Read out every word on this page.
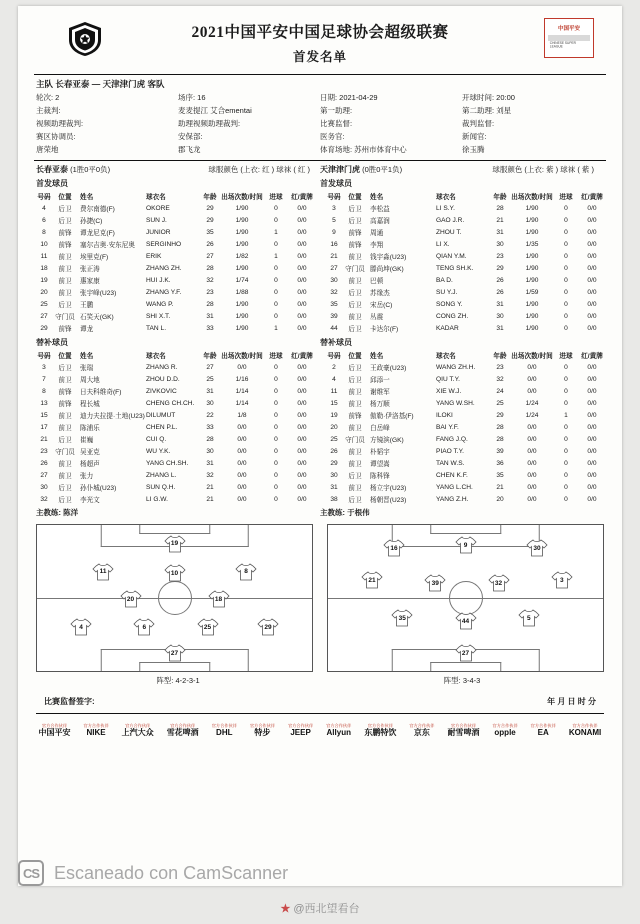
中国平安
CHINESE SUPER LEAGUE
2021中国平安中国足球协会超级联赛
首发名单
主队 长春亚泰 — 天津津门虎 客队
轮次: 2	场序: 16	日期: 2021-04-29	开球时间: 20:00
主裁判:	麦麦提江 艾合ementai	第一助理:	第二助理: 刘星
视频助理裁判:	助理视频助理裁判:	比赛监督:	裁判监督:
赛区协调员:	安保部:	医务官:	新闻官:
唐荣地	郡飞龙	体育场地: 苏州市体育中心	徐玉腾
长春亚泰 (1胜0平0负)	球服颜色 (上衣: 红 ) 球袜 ( 红 ) 天津津门虎 (0胜0平1负)	球服颜色 (上衣: 紫 ) 球袜 ( 紫 )
首发球员	首发球员
号码	位置	姓名	球衣名	年龄	出场次数/时间	进球	红/黄牌		号码	位置	姓名	球衣名	年龄	出场次数/时间	进球	红/黄牌
4	后卫	费尔南德(F)	OKORE	29	1/90	0	0/0		3	后卫	李松益	LI S.Y.	28	1/90	0	0/0
6	后卫	孙捷(C)	SUN J.	29	1/90	0	0/0		5	后卫	高嘉润	GAO J.R.	21	1/90	0	0/0
8	前锋	谭龙尼克(F)	JUNIOR	35	1/90	1	0/0		9	前锋	周通	ZHOU T.	31	1/90	0	0/0
10	前锋	塞尔吉奥·安东尼奥	SERGINHO	26	1/90	0	0/0		16	前锋	李翔	LI X.	30	1/35	0	0/0
11	前卫	埃里克(F)	ERIK	27	1/82	1	0/0		21	前卫	钱宇淼(U23)	QIAN Y.M.	23	1/90	0	0/0
18	前卫	张正涛	ZHANG ZH.	28	1/90	0	0/0		27	守门员	滕尚坤(GK)	TENG SH.K.	29	1/90	0	0/0
19	前卫	惠家康	HUI J.K.	32	1/74	0	0/0		30	前卫	巴顿	BA D.	26	1/90	0	0/0
20	前卫	张宇峰(U23)	ZHANG Y.F.	23	1/88	0	0/0		32	后卫	苏缘杰	SU Y.J.	26	1/59	0	0/0
25	后卫	王鹏	WANG P.	28	1/90	0	0/0		35	后卫	宋岳(C)	SONG Y.	31	1/90	0	0/0
27	守门员	石笑天(GK)	SHI X.T.	31	1/90	0	0/0		39	前卫	丛震	CONG ZH.	30	1/90	0	0/0
29	前锋	谭龙	TAN L.	33	1/90	1	0/0		44	后卫	卡达尔(F)	KADAR	31	1/90	0	0/0
替补球员	替补球员
号码	位置	姓名	球衣名	年龄	出场次数/时间	进球	红/黄牌		号码	位置	姓名	球衣名	年龄	出场次数/时间	进球	红/黄牌
3	后卫	张瑞	ZHANG R.	27	0/0	0	0/0		2	后卫	王政豪(U23)	WANG ZH.H.	23	0/0	0	0/0
7	前卫	周大地	ZHOU D.D.	25	1/16	0	0/0		4	后卫	邱添一	QIU T.Y.	32	0/0	0	0/0
8	前锋	日夫科维奇(F)	ZIVKOVIC	31	1/14	0	0/0		11	前卫	谢维军	XIE W.J.	24	0/0	0	0/0
13	前锋	程长城	CHENG CH.CH.	30	1/14	0	0/0		15	前卫	杨万顺	YANG W.SH.	25	1/24	0	0/0
15	前卫	迪力夫拉提·土地(U23)	DILUMUT	22	1/8	0	0/0		19	前锋	傲勒·伊洛基(F)	ILOKI	29	1/24	1	0/0
17	前卫	陈浦乐	CHEN P.L.	33	0/0	0	0/0		20	前卫	白岳峰	BAI Y.F.	28	0/0	0	0/0
21	后卫	崔巍	CUI Q.	28	0/0	0	0/0		25	守门员	方镜滨(GK)	FANG J.Q.	28	0/0	0	0/0
23	守门员	吴亚克	WU Y.K.	30	0/0	0	0/0		26	前卫	朴韬宇	PIAO T.Y.	39	0/0	0	0/0
26	前卫	杨超声	YANG CH.SH.	31	0/0	0	0/0		29	前卫	谭望嵩	TAN W.S.	36	0/0	0	0/0
27	前卫	张力	ZHANG L.	32	0/0	0	0/0		30	后卫	陈科锋	CHEN K.F.	35	0/0	0	0/0
30	后卫	孙仆城(U23)	SUN Q.H.	21	0/0	0	0/0		31	前卫	杨立宇(U23)	YANG L.CH.	21	0/0	0	0/0
32	后卫	李光文	LI G.W.	21	0/0	0	0/0		38	后卫	杨朝晋(U23)	YANG Z.H.	20	0/0	0	0/0
主教练: 陈洋	主教练: 于根伟
19
11	10	8
20	18
4	6	25	29
27
16	9	30
21	39	32	3
35	44	5
27
阵型: 4-2-3-1	阵型: 3-4-3
比赛监督签字:	年 月 日 时 分
官方合作伙伴
中国平安
官方合作伙伴
NIKE
官方合作伙伴
上汽大众
官方合作伙伴
雪花啤酒
官方合作伙伴
DHL
官方合作伙伴
特步
官方合作伙伴
JEEP
官方合作伙伴
Allyun
官方合作伙伴
东鹏特饮
官方合作伙伴
京东
官方合作伙伴
耐雪啤酒
官方合作伙伴
opple
官方合作伙伴
EA
官方合作伙伴
KONAMI
CS Escaneado con CamScanner
★ @西北望看台
